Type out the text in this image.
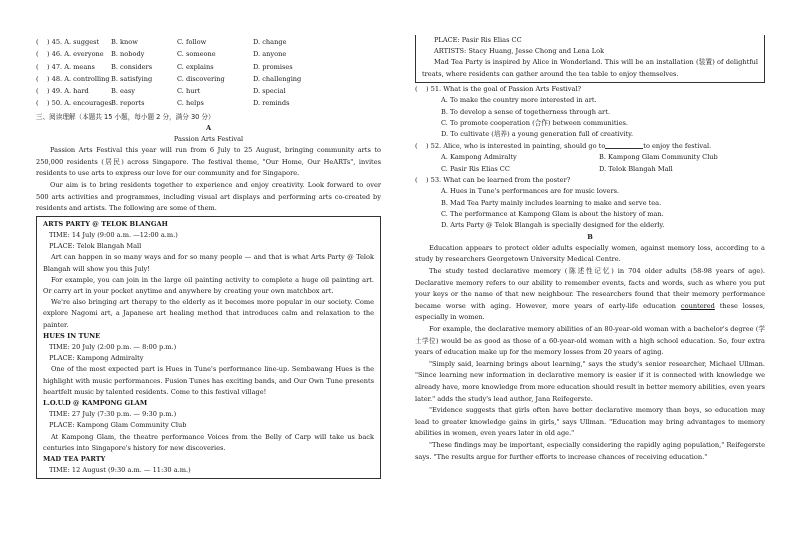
(    ) 45. A. suggest	B. know	C. follow	D. change
(    ) 46. A. everyone	B. nobody	C. someone	D. anyone
(    ) 47. A. means	B. considers	C. explains	D. promises
(    ) 48. A. controlling B. satisfying	C. discovering	D. challenging
(    ) 49. A. hard	B. easy	C. hurt	D. special
(    ) 50. A. encourages B. reports	C. helps	D. reminds
三、阅读理解（本题共 15 小题，每小题 2 分，满分 30 分）
A
Passion Arts Festival

Passion Arts Festival this year will run from 6 July to 25 August, bringing community arts to 250,000 residents (居民) across Singapore. The festival theme, "Our Home, Our HeARTs", invites residents to use arts to express our love for our community and for Singapore.

Our aim is to bring residents together to experience and enjoy creativity. Look forward to over 500 arts activities and programmes, including visual art displays and performing arts co-created by residents and artists. The following are some of them.

ARTS PARTY @ TELOK BLANGAH
TIME: 14 July (9:00 a.m. —12:00 a.m.)
PLACE: Telok Blangah Mall
Art can happen in so many ways and for so many people — and that is what Arts Party @ Telok Blangah will show you this July!
For example, you can join in the large oil painting activity to complete a huge oil painting art. Or carry art in your pocket anytime and anywhere by creating your own matchbox art.
We're also bringing art therapy to the elderly as it becomes more popular in our society. Come explore Nagomi art, a Japanese art healing method that introduces calm and relaxation to the painter.
HUES IN TUNE
TIME: 20 July (2:00 p.m. — 8:00 p.m.)
PLACE: Kampong Admiralty
One of the most expected part is Hues in Tune's performance line-up. Sembawang Hues is the highlight with music performances. Fusion Tunes has exciting bands, and Our Own Tune presents heartfelt music by talented residents. Come to this festival village!
L.O.U.D @ KAMPONG GLAM
TIME: 27 July (7:30 p.m. — 9:30 p.m.)
PLACE: Kampong Glam Community Club
At Kampong Glam, the theatre performance Voices from the Belly of Carp will take us back centuries into Singapore's history for new discoveries.
MAD TEA PARTY
TIME: 12 August (9:30 a.m. — 11:30 a.m.)
PLACE: Pasir Ris Elias CC
ARTISTS: Stacy Huang, Jesse Chong and Lena Lok
Mad Tea Party is inspired by Alice in Wonderland. This will be an installation (装置) of delightful treats, where residents can gather around the tea table to enjoy themselves.
(    ) 51. What is the goal of Passion Arts Festival?
A. To make the country more interested in art.
B. To develop a sense of togetherness through art.
C. To promote cooperation (合作) between communities.
D. To cultivate (培养) a young generation full of creativity.
(    ) 52. Alice, who is interested in painting, should go to	to enjoy the festival.
A. Kampong Admiralty	B. Kampong Glam Community Club
C. Pasir Ris Elias CC	D. Telok Blangah Mall
(    ) 53. What can be learned from the poster?
A. Hues in Tune's performances are for music lovers.
B. Mad Tea Party mainly includes learning to make and serve tea.
C. The performance at Kampong Glam is about the history of man.
D. Arts Party @ Telok Blangah is specially designed for the elderly.
B

Education appears to protect older adults especially women, against memory loss, according to a study by researchers Georgetown University Medical Centre.

The study tested declarative memory (陈述性记忆) in 704 older adults (58-98 years of age). Declarative memory refers to our ability to remember events, facts and words, such as where you put your keys or the name of that new neighbour. The researchers found that their memory performance became worse with aging. However, more years of early-life education countered these losses, especially in women.

For example, the declarative memory abilities of an 80-year-old woman with a bachelor's degree (学士学位) would be as good as those of a 60-year-old woman with a high school education. So, four extra years of education make up for the memory losses from 20 years of aging.

"Simply said, learning brings about learning," says the study's senior researcher, Michael Ullman. "Since learning new information in declarative memory is easier if it is connected with knowledge we already have, more knowledge from more education should result in better memory abilities, even years later." adds the study's lead author, Jana Reifegerste.

"Evidence suggests that girls often have better declarative memory than boys, so education may lead to greater knowledge gains in girls," says Ullman. "Education may bring advantages to memory abilities in women, even years later in old age."

"These findings may be important, especially considering the rapidly aging population," Reifegerste says. "The results argue for further efforts to increase chances of receiving education."
